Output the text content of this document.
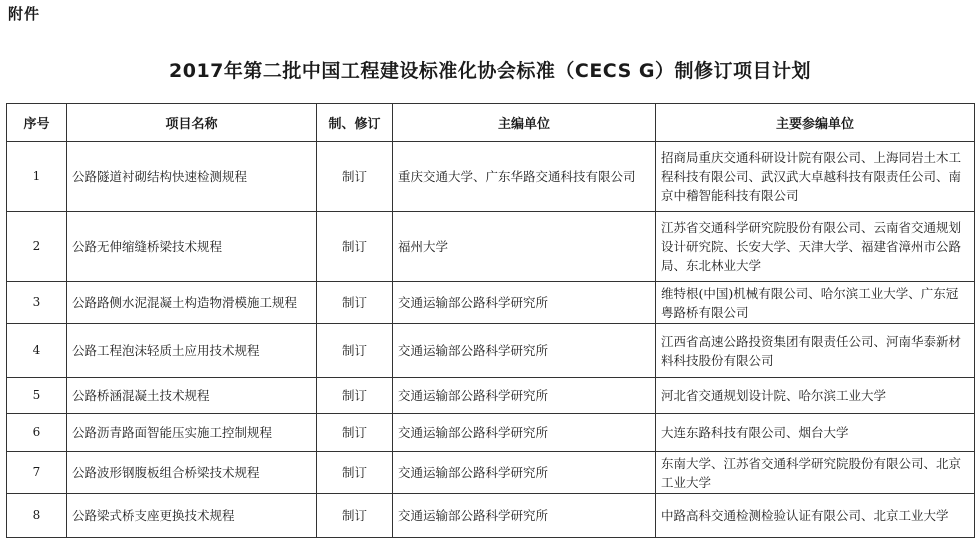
附件
2017年第二批中国工程建设标准化协会标准（CECS G）制修订项目计划
序号	项目名称	制、修订	主编单位	主要参编单位
1	公路隧道衬砌结构快速检测规程	制订	重庆交通大学、广东华路交通科技有限公司	招商局重庆交通科研设计院有限公司、上海同岩土木工程科技有限公司、武汉武大卓越科技有限责任公司、南京中稽智能科技有限公司
2	公路无伸缩缝桥梁技术规程	制订	福州大学	江苏省交通科学研究院股份有限公司、云南省交通规划设计研究院、长安大学、天津大学、福建省漳州市公路局、东北林业大学
3	公路路侧水泥混凝土构造物滑模施工规程	制订	交通运输部公路科学研究所	维特根(中国)机械有限公司、哈尔滨工业大学、广东冠粤路桥有限公司
4	公路工程泡沫轻质土应用技术规程	制订	交通运输部公路科学研究所	江西省高速公路投资集团有限责任公司、河南华泰新材料科技股份有限公司
5	公路桥涵混凝土技术规程	制订	交通运输部公路科学研究所	河北省交通规划设计院、哈尔滨工业大学
6	公路沥青路面智能压实施工控制规程	制订	交通运输部公路科学研究所	大连东路科技有限公司、烟台大学
7	公路波形钢腹板组合桥梁技术规程	制订	交通运输部公路科学研究所	东南大学、江苏省交通科学研究院股份有限公司、北京工业大学
8	公路梁式桥支座更换技术规程	制订	交通运输部公路科学研究所	中路高科交通检测检验认证有限公司、北京工业大学
